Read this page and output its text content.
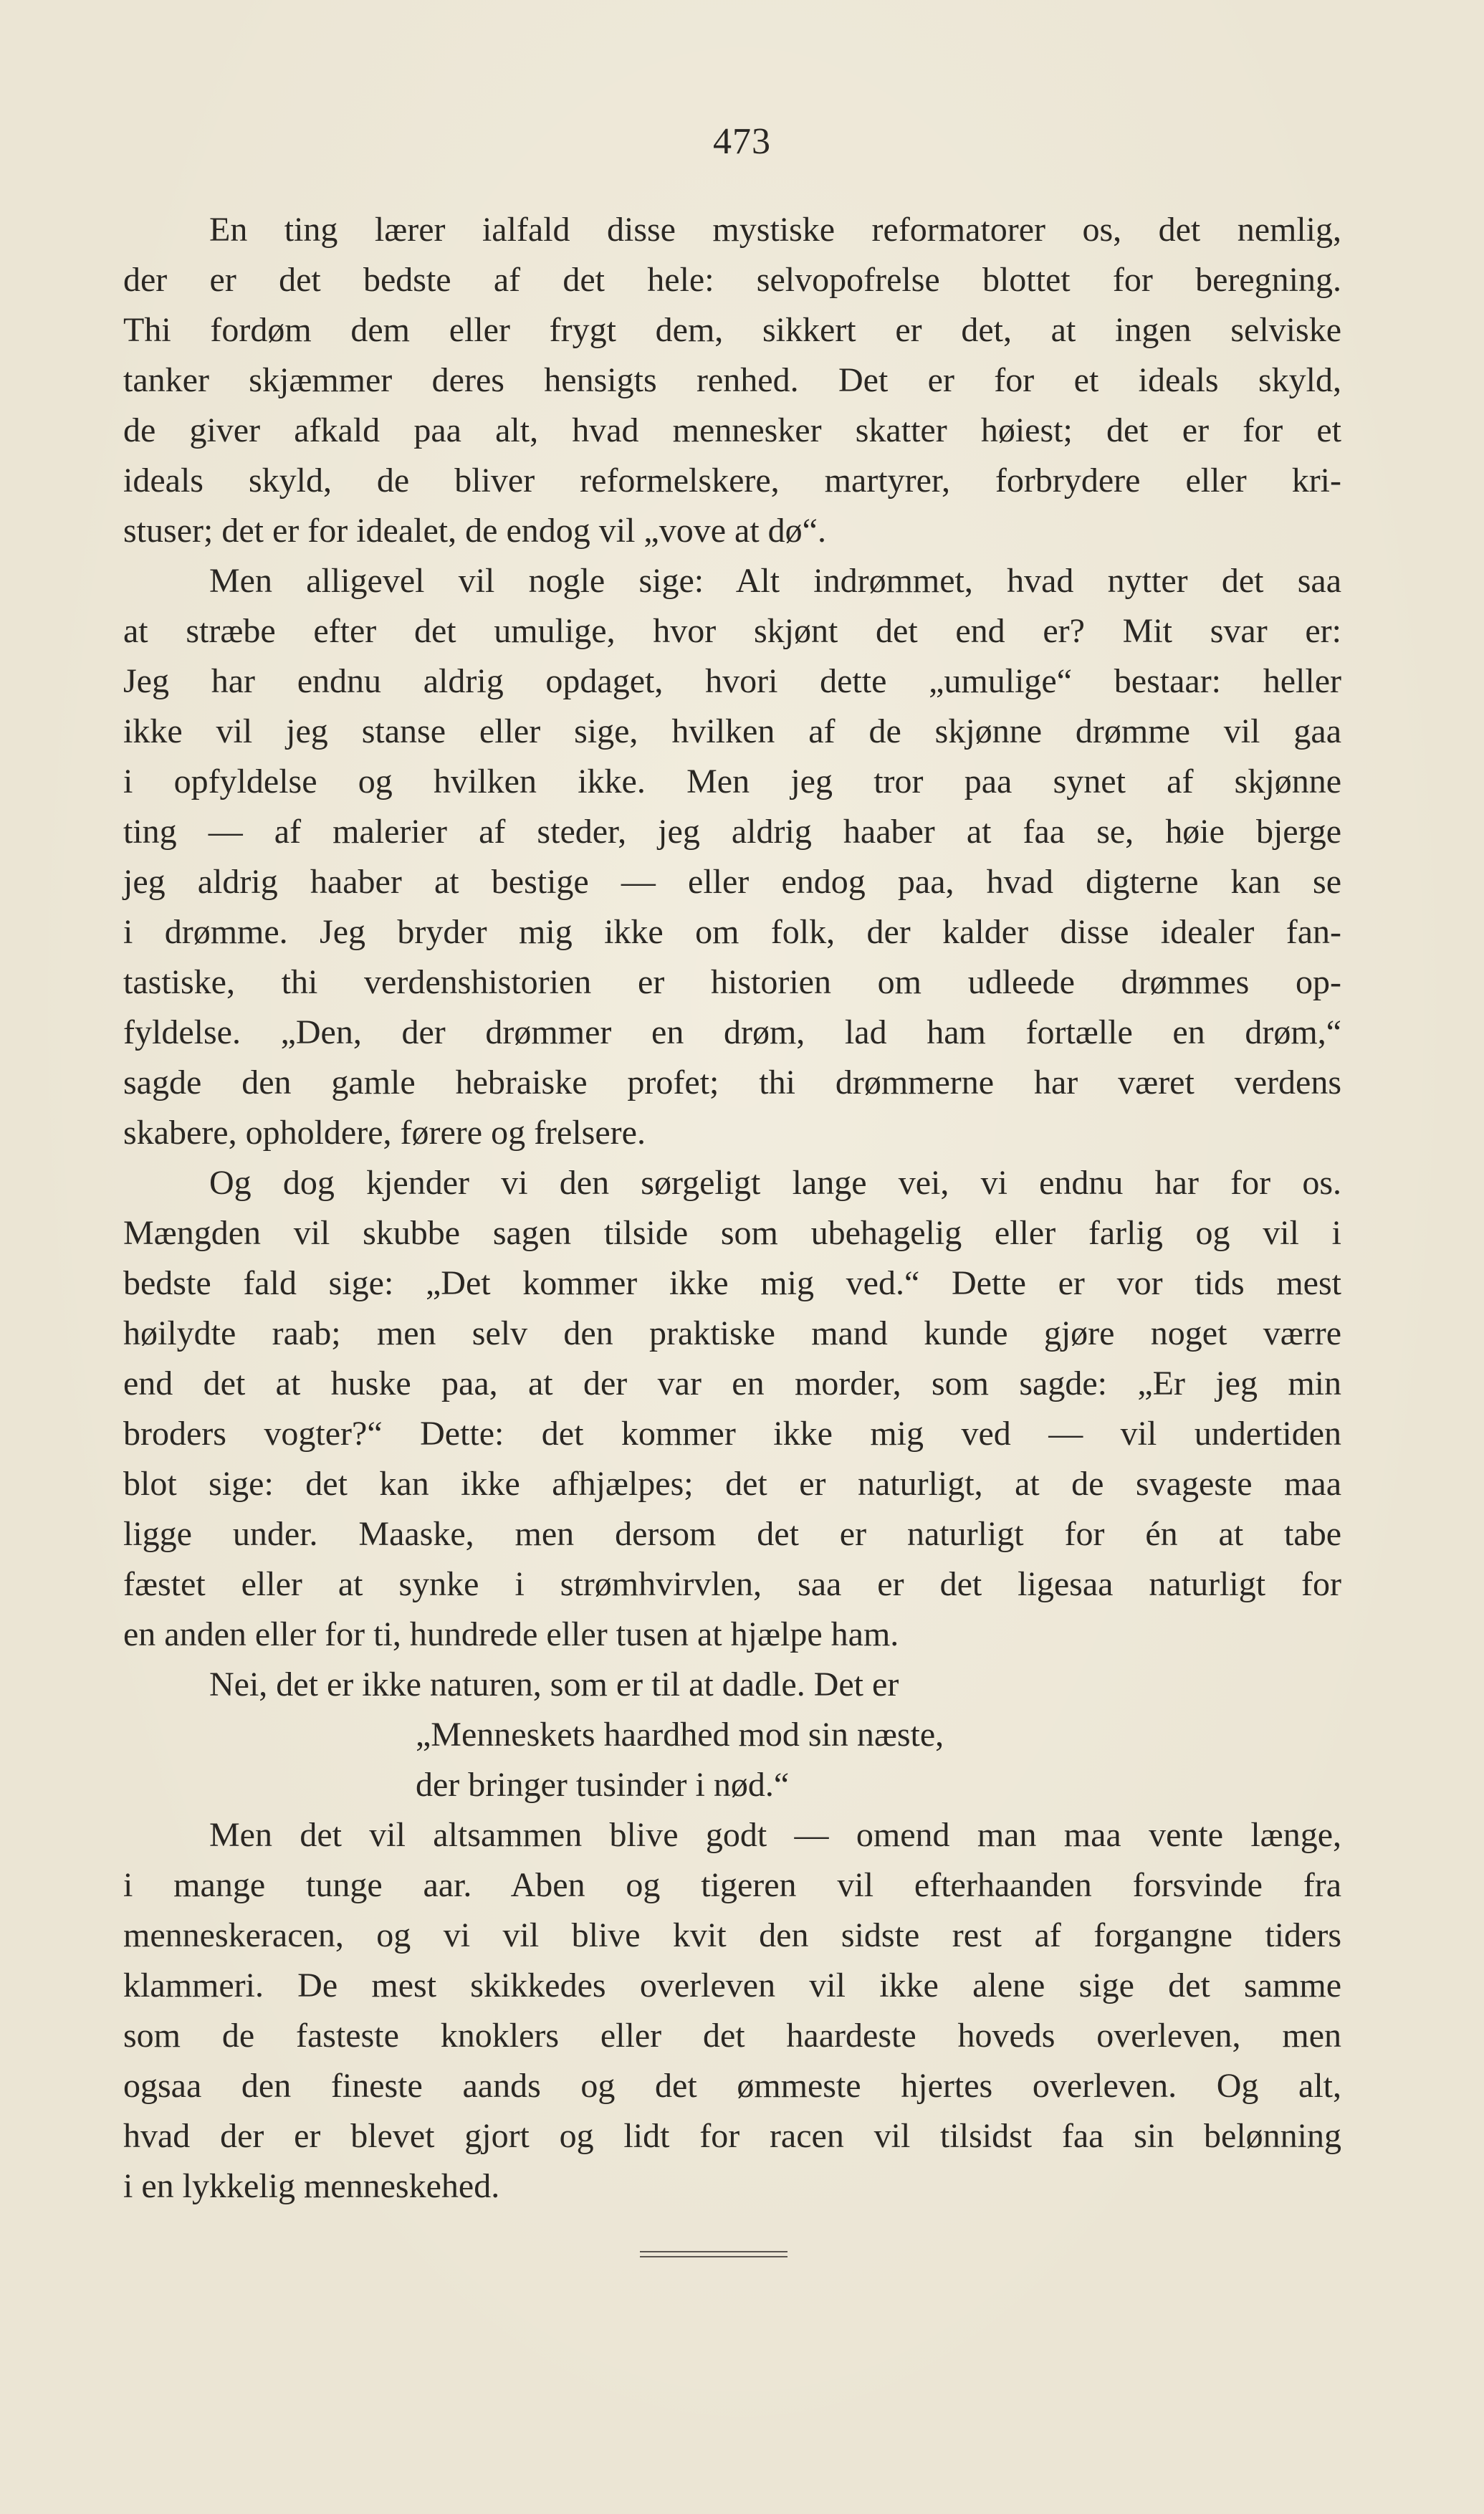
473
En ting lærer ialfald disse mystiske reformatorer os, det nemlig,
der er det bedste af det hele: selvopofrelse blottet for beregning.
Thi fordøm dem eller frygt dem, sikkert er det, at ingen selviske
tanker skjæmmer deres hensigts renhed. Det er for et ideals skyld,
de giver afkald paa alt, hvad mennesker skatter høiest; det er for et
ideals skyld, de bliver reformelskere, martyrer, forbrydere eller kri-
stuser; det er for idealet, de endog vil „vove at dø“.
Men alligevel vil nogle sige: Alt indrømmet, hvad nytter det saa
at stræbe efter det umulige, hvor skjønt det end er? Mit svar er:
Jeg har endnu aldrig opdaget, hvori dette „umulige“ bestaar: heller
ikke vil jeg stanse eller sige, hvilken af de skjønne drømme vil gaa
i opfyldelse og hvilken ikke. Men jeg tror paa synet af skjønne
ting — af malerier af steder, jeg aldrig haaber at faa se, høie bjerge
jeg aldrig haaber at bestige — eller endog paa, hvad digterne kan se
i drømme. Jeg bryder mig ikke om folk, der kalder disse idealer fan-
tastiske, thi verdenshistorien er historien om udleede drømmes op-
fyldelse. „Den, der drømmer en drøm, lad ham fortælle en drøm,“
sagde den gamle hebraiske profet; thi drømmerne har været verdens
skabere, opholdere, førere og frelsere.
Og dog kjender vi den sørgeligt lange vei, vi endnu har for os.
Mængden vil skubbe sagen tilside som ubehagelig eller farlig og vil i
bedste fald sige: „Det kommer ikke mig ved.“ Dette er vor tids mest
høilydte raab; men selv den praktiske mand kunde gjøre noget værre
end det at huske paa, at der var en morder, som sagde: „Er jeg min
broders vogter?“ Dette: det kommer ikke mig ved — vil undertiden
blot sige: det kan ikke afhjælpes; det er naturligt, at de svageste maa
ligge under. Maaske, men dersom det er naturligt for én at tabe
fæstet eller at synke i strømhvirvlen, saa er det ligesaa naturligt for
en anden eller for ti, hundrede eller tusen at hjælpe ham.
Nei, det er ikke naturen, som er til at dadle. Det er
„Menneskets haardhed mod sin næste,
der bringer tusinder i nød.“
Men det vil altsammen blive godt — omend man maa vente længe,
i mange tunge aar. Aben og tigeren vil efterhaanden forsvinde fra
menneskeracen, og vi vil blive kvit den sidste rest af forgangne tiders
klammeri. De mest skikkedes overleven vil ikke alene sige det samme
som de fasteste knoklers eller det haardeste hoveds overleven, men
ogsaa den fineste aands og det ømmeste hjertes overleven. Og alt,
hvad der er blevet gjort og lidt for racen vil tilsidst faa sin belønning
i en lykkelig menneskehed.
